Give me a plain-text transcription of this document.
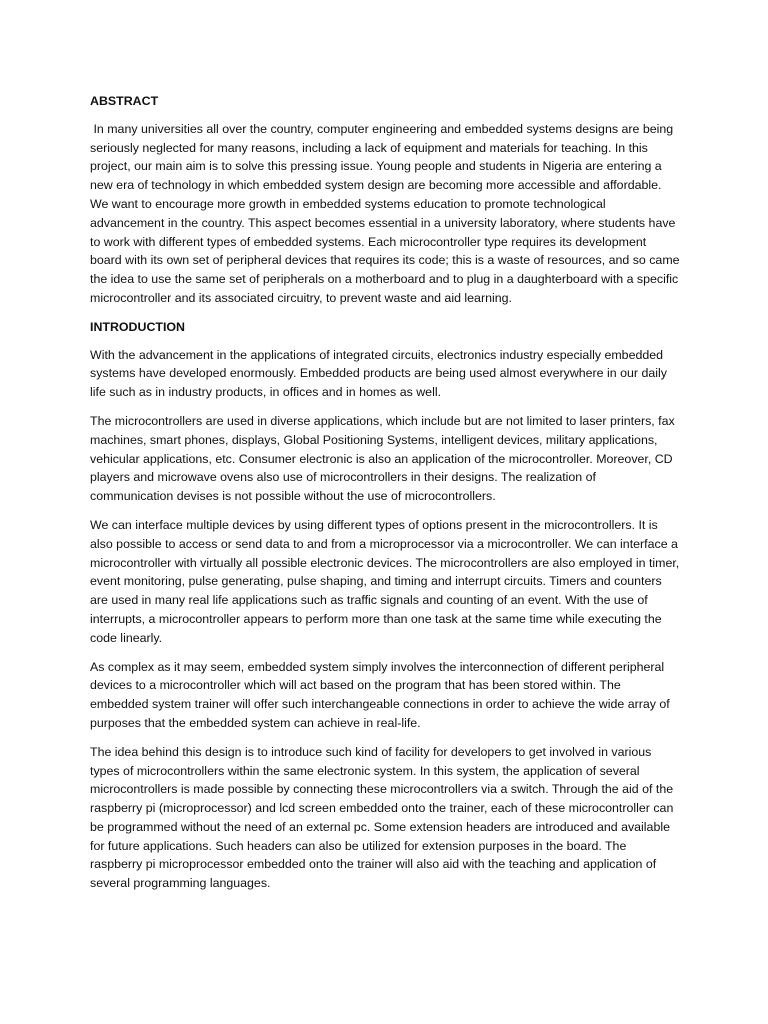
ABSTRACT

In many universities all over the country, computer engineering and embedded systems designs are being seriously neglected for many reasons, including a lack of equipment and materials for teaching. In this project, our main aim is to solve this pressing issue. Young people and students in Nigeria are entering a new era of technology in which embedded system design are becoming more accessible and affordable. We want to encourage more growth in embedded systems education to promote technological advancement in the country. This aspect becomes essential in a university laboratory, where students have to work with different types of embedded systems. Each microcontroller type requires its development board with its own set of peripheral devices that requires its code; this is a waste of resources, and so came the idea to use the same set of peripherals on a motherboard and to plug in a daughterboard with a specific microcontroller and its associated circuitry, to prevent waste and aid learning.

INTRODUCTION

With the advancement in the applications of integrated circuits, electronics industry especially embedded systems have developed enormously. Embedded products are being used almost everywhere in our daily life such as in industry products, in offices and in homes as well.

The microcontrollers are used in diverse applications, which include but are not limited to laser printers, fax machines, smart phones, displays, Global Positioning Systems, intelligent devices, military applications, vehicular applications, etc. Consumer electronic is also an application of the microcontroller. Moreover, CD players and microwave ovens also use of microcontrollers in their designs. The realization of communication devises is not possible without the use of microcontrollers.

We can interface multiple devices by using different types of options present in the microcontrollers. It is also possible to access or send data to and from a microprocessor via a microcontroller. We can interface a microcontroller with virtually all possible electronic devices. The microcontrollers are also employed in timer, event monitoring, pulse generating, pulse shaping, and timing and interrupt circuits. Timers and counters are used in many real life applications such as traffic signals and counting of an event. With the use of interrupts, a microcontroller appears to perform more than one task at the same time while executing the code linearly.

As complex as it may seem, embedded system simply involves the interconnection of different peripheral devices to a microcontroller which will act based on the program that has been stored within. The embedded system trainer will offer such interchangeable connections in order to achieve the wide array of purposes that the embedded system can achieve in real-life.

The idea behind this design is to introduce such kind of facility for developers to get involved in various types of microcontrollers within the same electronic system. In this system, the application of several microcontrollers is made possible by connecting these microcontrollers via a switch. Through the aid of the raspberry pi (microprocessor) and lcd screen embedded onto the trainer, each of these microcontroller can be programmed without the need of an external pc. Some extension headers are introduced and available for future applications. Such headers can also be utilized for extension purposes in the board. The raspberry pi microprocessor embedded onto the trainer will also aid with the teaching and application of several programming languages.
